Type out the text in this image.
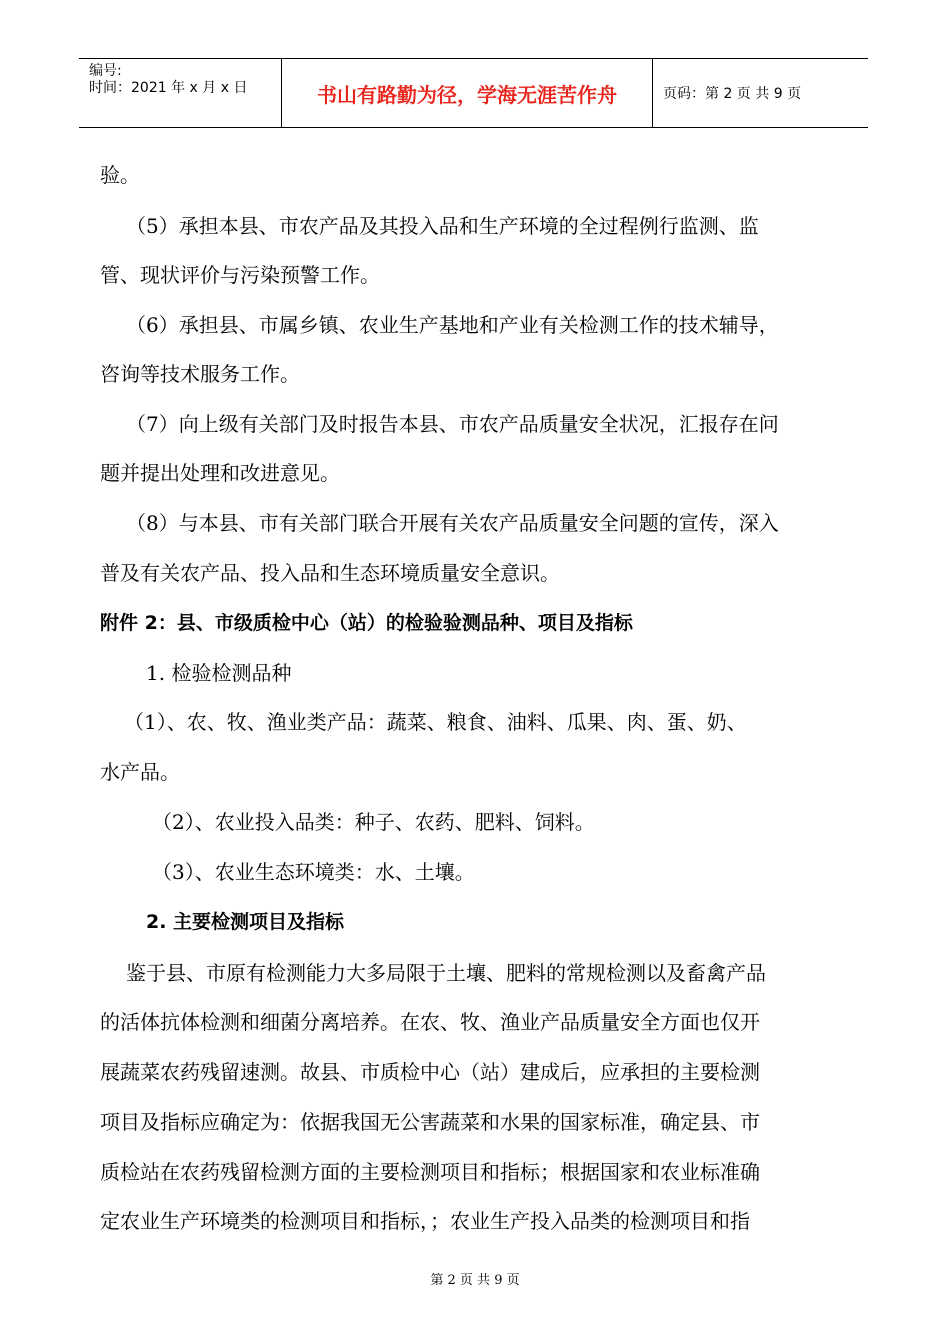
编号:
时间：2021 年 x 月 x 日	书山有路勤为径，学海无涯苦作舟	页码：第 2 页 共 9 页
验。
（5）承担本县、市农产品及其投入品和生产环境的全过程例行监测、监
管、现状评价与污染预警工作。
（6）承担县、市属乡镇、农业生产基地和产业有关检测工作的技术辅导，
咨询等技术服务工作。
（7）向上级有关部门及时报告本县、市农产品质量安全状况，汇报存在问
题并提出处理和改进意见。
（8）与本县、市有关部门联合开展有关农产品质量安全问题的宣传，深入
普及有关农产品、投入品和生态环境质量安全意识。
附件 2：县、市级质检中心（站）的检验验测品种、项目及指标
1. 检验检测品种
（1）、农、牧、渔业类产品：蔬菜、粮食、油料、瓜果、肉、蛋、奶、
水产品。
（2）、农业投入品类：种子、农药、肥料、饲料。
（3）、农业生态环境类：水、土壤。
2. 主要检测项目及指标
鉴于县、市原有检测能力大多局限于土壤、肥料的常规检测以及畜禽产品
的活体抗体检测和细菌分离培养。在农、牧、渔业产品质量安全方面也仅开
展蔬菜农药残留速测。故县、市质检中心（站）建成后，应承担的主要检测
项目及指标应确定为：依据我国无公害蔬菜和水果的国家标准，确定县、市
质检站在农药残留检测方面的主要检测项目和指标；根据国家和农业标准确
定农业生产环境类的检测项目和指标，；农业生产投入品类的检测项目和指
第 2 页 共 9 页
